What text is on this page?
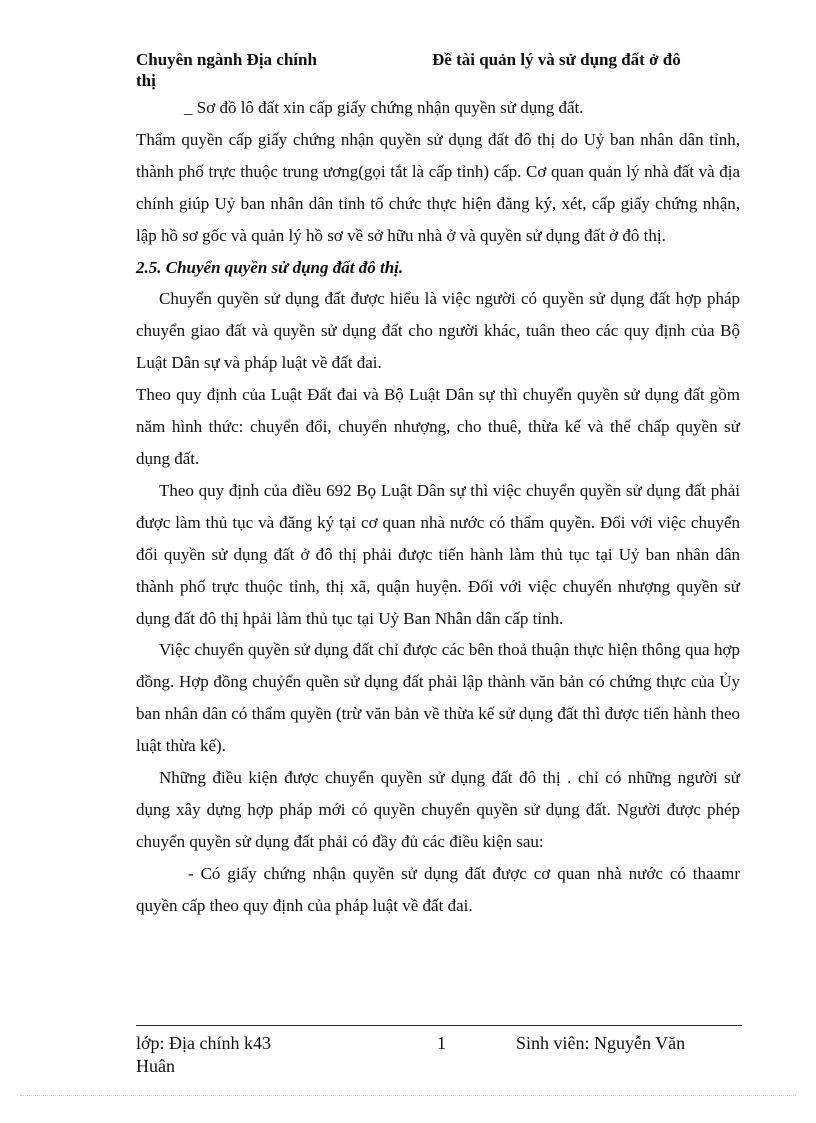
Chuyên ngành Địa chính	Đề tài quản lý và sử dụng đất ở đô
thị

_ Sơ đồ lô đất xin cấp giấy chứng nhận quyền sử dụng đất.

Thẩm quyền cấp giấy chứng nhận quyền sử dụng đất đô thị do Uỷ ban nhân dân tỉnh, thành phố trực thuộc trung ương(gọi tắt là cấp tỉnh) cấp. Cơ quan quản lý nhà đất và địa chính giúp Uỷ ban nhân dân tỉnh tổ chức thực hiện đăng ký, xét, cấp giấy chứng nhận, lập hồ sơ gốc và quản lý hồ sơ về sở hữu nhà ở và quyền sử dụng đất ở đô thị.

2.5. Chuyển quyền sử dụng đất đô thị.

Chuyển quyền sử dụng đất được hiểu là việc người có quyền sử dụng đất hợp pháp chuyển giao đất và quyền sử dụng đất cho người khác, tuân theo các quy định của Bộ Luật Dân sự và pháp luật về đất đai.

Theo quy định của Luật Đất đai và Bộ Luật Dân sự thì chuyển quyền sử dụng đất gồm năm hình thức: chuyển đổi, chuyển nhượng, cho thuê, thừa kế và thế chấp quyền sử dụng đất.

Theo quy định của điều 692 Bọ Luật Dân sự thì việc chuyển quyền sử dụng đất phải được làm thủ tục và đăng ký tại cơ quan nhà nước có thẩm quyền. Đối với việc chuyển đổi quyền sử dụng đất ở đô thị phải được tiến hành làm thủ tục tại Uỷ ban nhân dân thành phố trực thuộc tỉnh, thị xã, quận huyện. Đối với việc chuyển nhượng quyền sử dụng đất đô thị hpải làm thủ tục tại Uỷ Ban Nhân dân cấp tỉnh.

Việc chuyển quyền sử dụng đất chỉ được các bên thoả thuận thực hiện thông qua hợp đồng. Hợp đồng chuỷển quền sử dụng đất phải lập thành văn bản có chứng thực của Ủy ban nhân dân có thẩm quyền (trừ văn bản về thừa kế sử dụng đất thì được tiến hành theo luật thừa kế).

Những điều kiện được chuyển quyền sử dụng đất đô thị . chỉ có những người sử dụng xây dựng hợp pháp mới có quyền chuyển quyền sử dụng đất. Người được phép chuyển quyền sử dụng đất phải có đầy đủ các điều kiện sau:

- Có giấy chứng nhận quyền sử dụng đất được cơ quan nhà nước có thaamr quyền cấp theo quy định của pháp luật về đất đai.

lớp: Địa chính k43	1	Sinh viên: Nguyễn Văn
Huân
